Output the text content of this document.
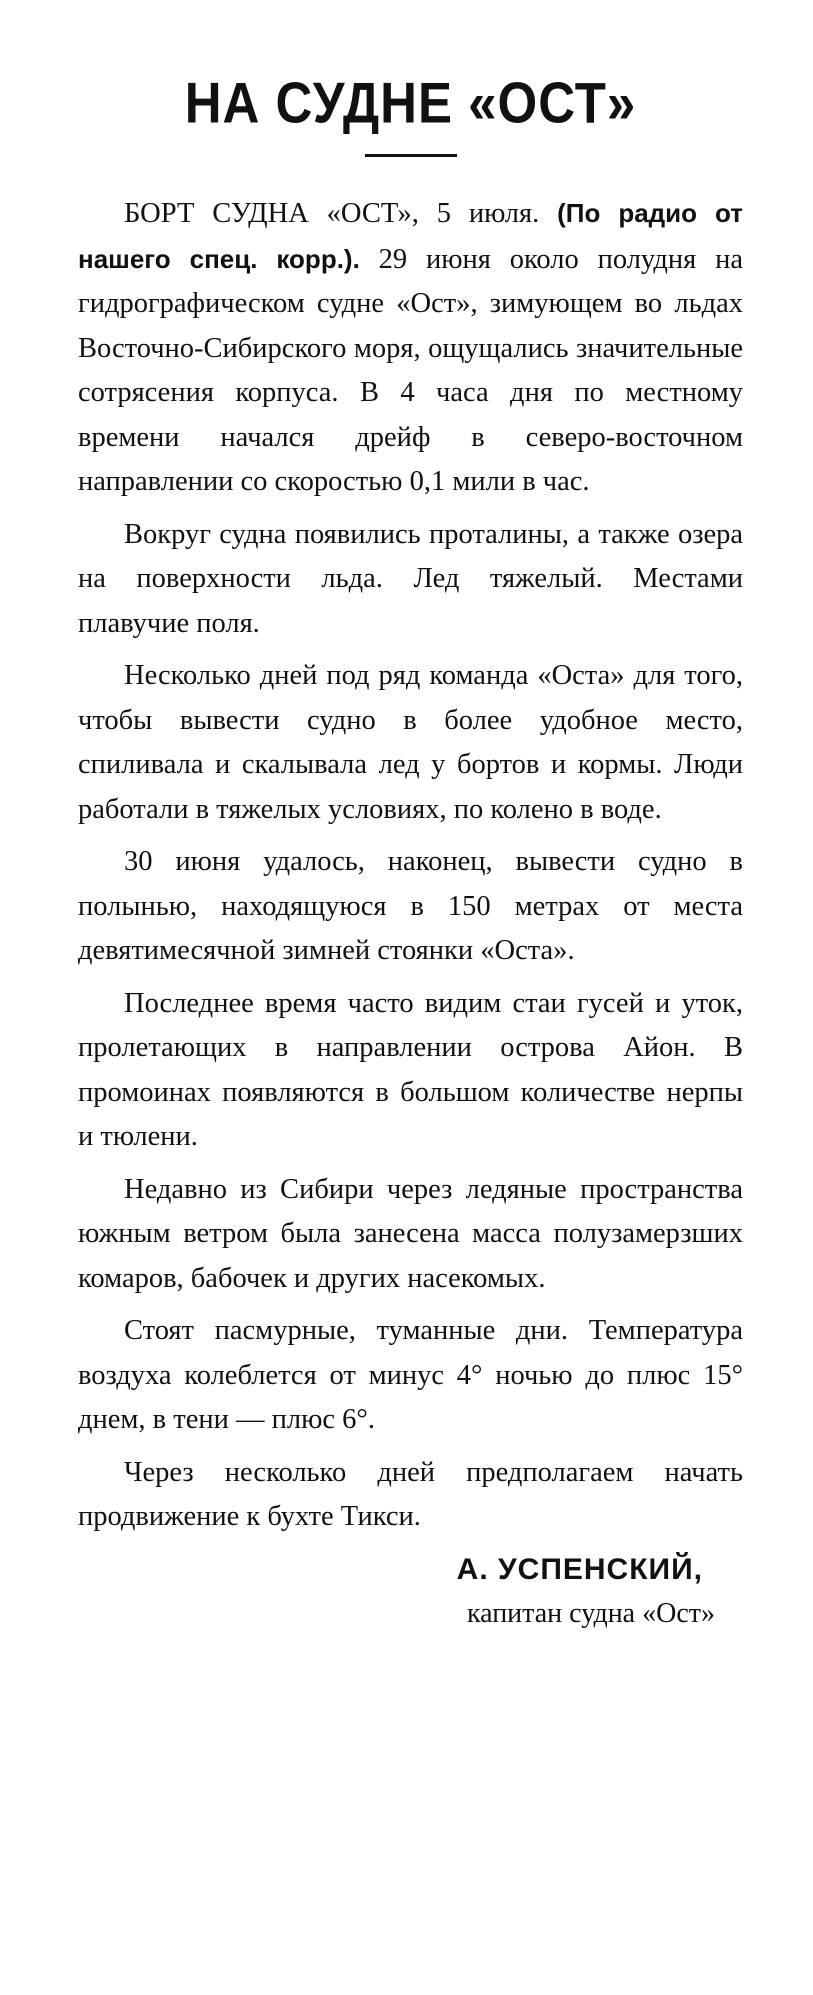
НА СУДНЕ «ОСТ»

БОРТ СУДНА «ОСТ», 5 июля. (По радио от нашего спец. корр.). 29 июня около полудня на гидрографическом судне «Ост», зимующем во льдах Восточно-Сибирского моря, ощущались значительные сотрясения корпуса. В 4 часа дня по местному времени начался дрейф в северо-восточном направлении со скоростью 0,1 мили в час.

Вокруг судна появились проталины, а также озера на поверхности льда. Лед тяжелый. Местами плавучие поля.

Несколько дней под ряд команда «Оста» для того, чтобы вывести судно в более удобное место, спиливала и скалывала лед у бортов и кормы. Люди работали в тяжелых условиях, по колено в воде.

30 июня удалось, наконец, вывести судно в полынью, находящуюся в 150 метрах от места девятимесячной зимней стоянки «Оста».

Последнее время часто видим стаи гусей и уток, пролетающих в направлении острова Айон. В промоинах появляются в большом количестве нерпы и тюлени.

Недавно из Сибири через ледяные пространства южным ветром была занесена масса полузамерзших комаров, бабочек и других насекомых.

Стоят пасмурные, туманные дни. Температура воздуха колеблется от минус 4° ночью до плюс 15° днем, в тени — плюс 6°.

Через несколько дней предполагаем начать продвижение к бухте Тикси.

А. УСПЕНСКИЙ,
капитан судна «Ост»
